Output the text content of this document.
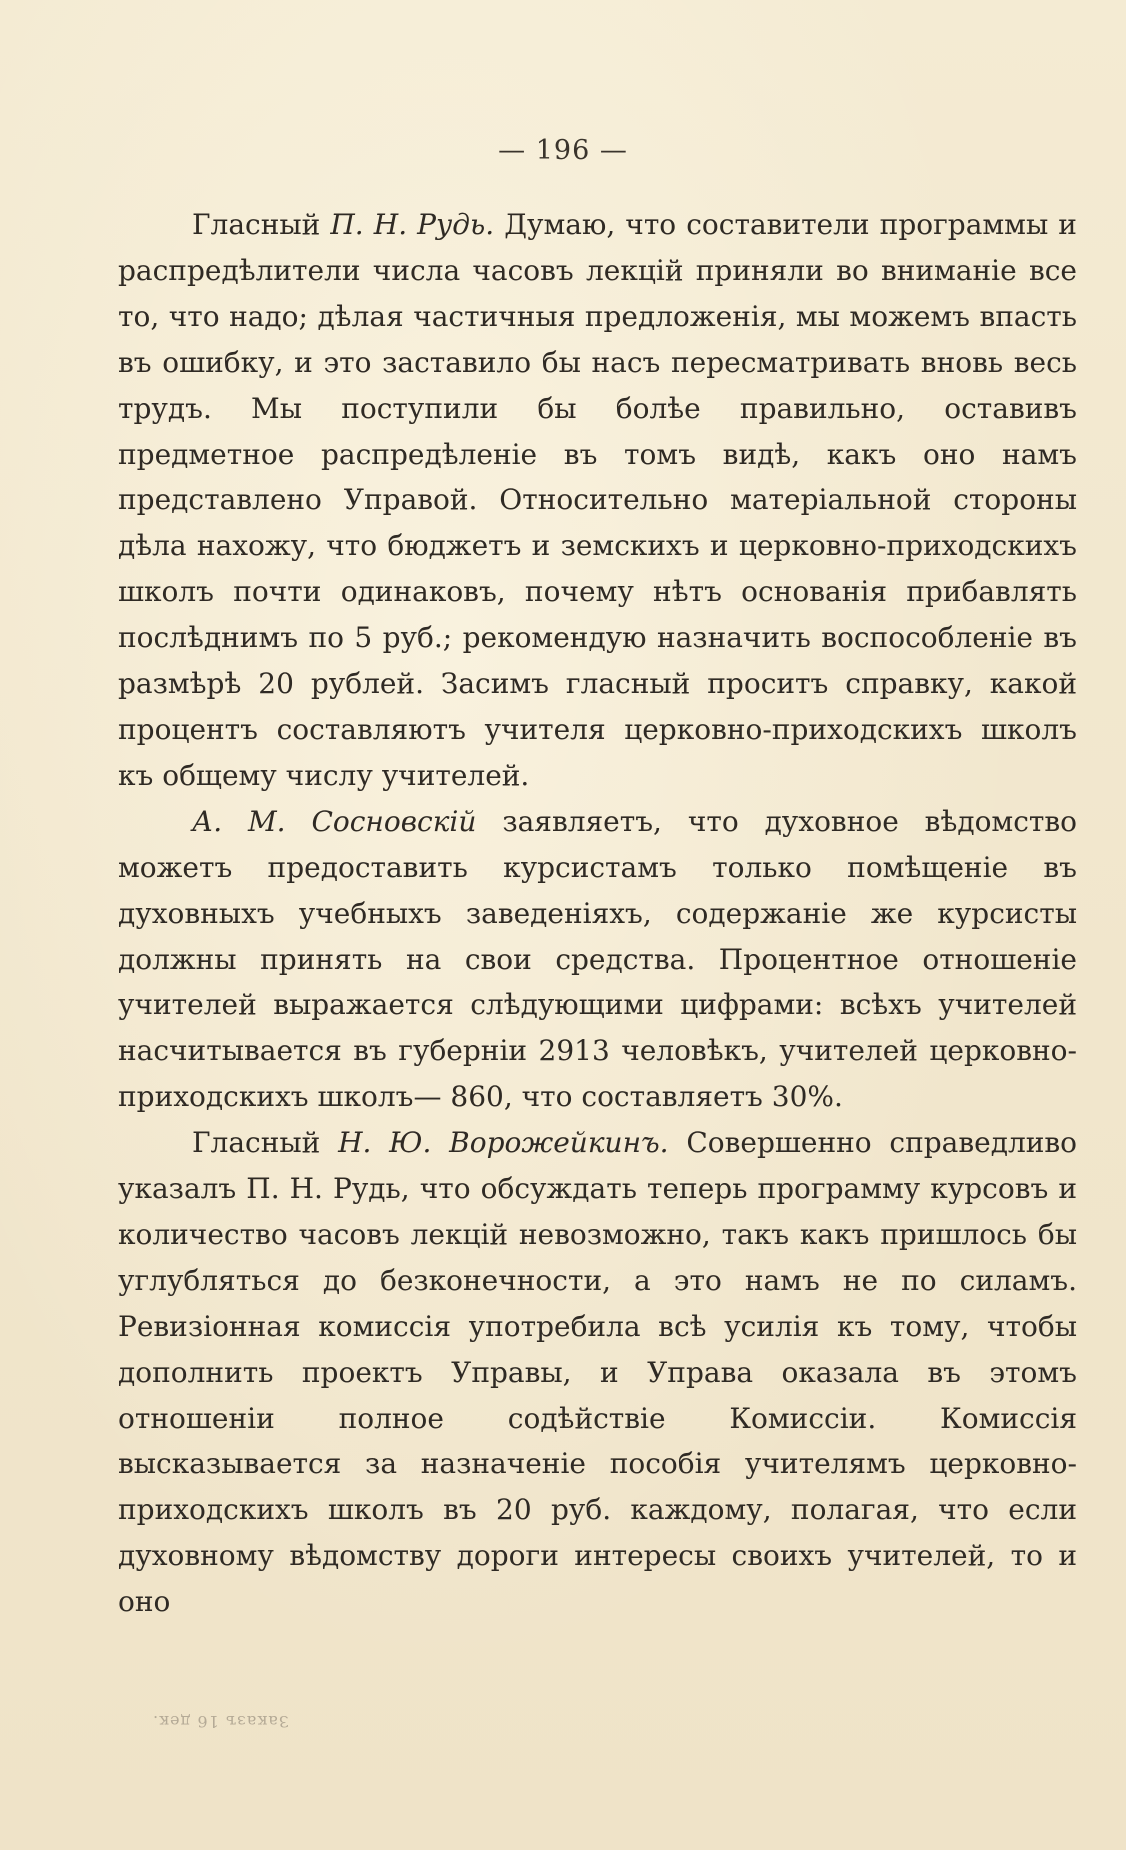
— 196 —

Гласный П. Н. Рудь. Думаю, что составители программы и распредѣлители числа часовъ лекцій приняли во вниманіе все то, что надо; дѣлая частичныя предложенія, мы можемъ впасть въ ошибку, и это заставило бы насъ пересматривать вновь весь трудъ. Мы поступили бы болѣе правильно, оставивъ предметное распредѣленіе въ томъ видѣ, какъ оно намъ представлено Управой. Относительно матеріальной стороны дѣла нахожу, что бюджетъ и земскихъ и церковно-приходскихъ школъ почти одинаковъ, почему нѣтъ основанія прибавлять послѣднимъ по 5 руб.; рекомендую назначить воспособленіе въ размѣрѣ 20 рублей. Засимъ гласный проситъ справку, какой процентъ составляютъ учителя церковно-приходскихъ школъ къ общему числу учителей.

А. М. Сосновскій заявляетъ, что духовное вѣдомство можетъ предоставить курсистамъ только помѣщеніе въ духовныхъ учебныхъ заведеніяхъ, содержаніе же курсисты должны принять на свои средства. Процентное отношеніе учителей выражается слѣдующими цифрами: всѣхъ учителей насчитывается въ губерніи 2913 человѣкъ, учителей церковно-приходскихъ школъ— 860, что составляетъ 30%.

Гласный Н. Ю. Ворожейкинъ. Совершенно справедливо указалъ П. Н. Рудь, что обсуждать теперь программу курсовъ и количество часовъ лекцій невозможно, такъ какъ пришлось бы углубляться до безконечности, а это намъ не по силамъ. Ревизіонная комиссія употребила всѣ усилія къ тому, чтобы дополнить проектъ Управы, и Управа оказала въ этомъ отношеніи полное содѣйствіе Комиссіи. Комиссія высказывается за назначеніе пособія учителямъ церковно-приходскихъ школъ въ 20 руб. каждому, полагая, что если духовному вѣдомству дороги интересы своихъ учителей, то и оно

Заказъ 16 дек.
